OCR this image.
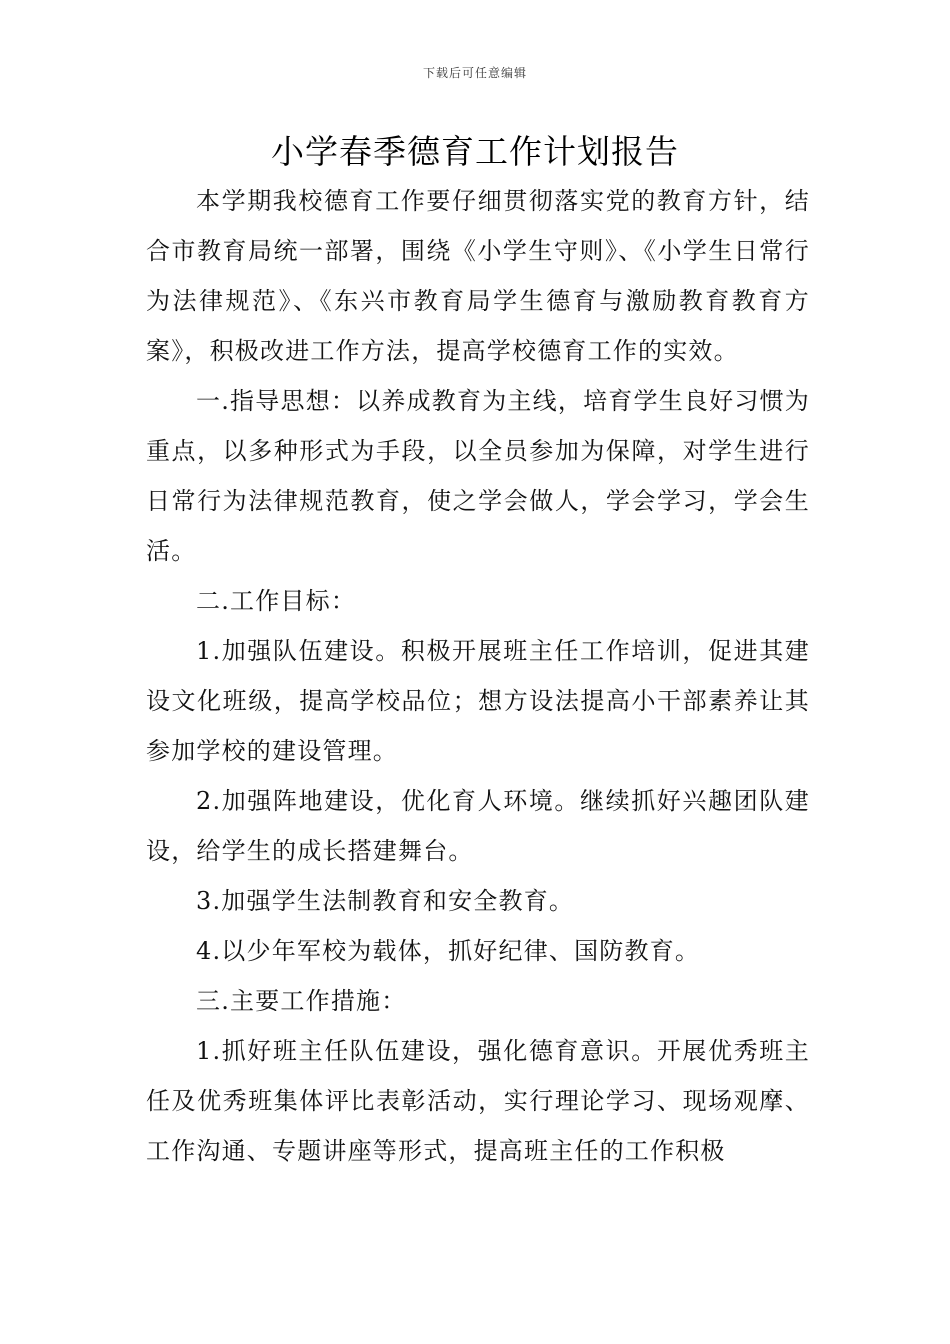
下载后可任意编辑
小学春季德育工作计划报告

本学期我校德育工作要仔细贯彻落实党的教育方针，结合市教育局统一部署，围绕《小学生守则》、《小学生日常行为法律规范》、《东兴市教育局学生德育与激励教育教育方案》，积极改进工作方法，提高学校德育工作的实效。

一.指导思想：以养成教育为主线，培育学生良好习惯为重点，以多种形式为手段，以全员参加为保障，对学生进行日常行为法律规范教育，使之学会做人，学会学习，学会生活。

二.工作目标：

1.加强队伍建设。积极开展班主任工作培训，促进其建设文化班级，提高学校品位；想方设法提高小干部素养让其参加学校的建设管理。

2.加强阵地建设，优化育人环境。继续抓好兴趣团队建设，给学生的成长搭建舞台。

3.加强学生法制教育和安全教育。

4.以少年军校为载体，抓好纪律、国防教育。

三.主要工作措施：

1.抓好班主任队伍建设，强化德育意识。开展优秀班主任及优秀班集体评比表彰活动，实行理论学习、现场观摩、工作沟通、专题讲座等形式，提高班主任的工作积极
